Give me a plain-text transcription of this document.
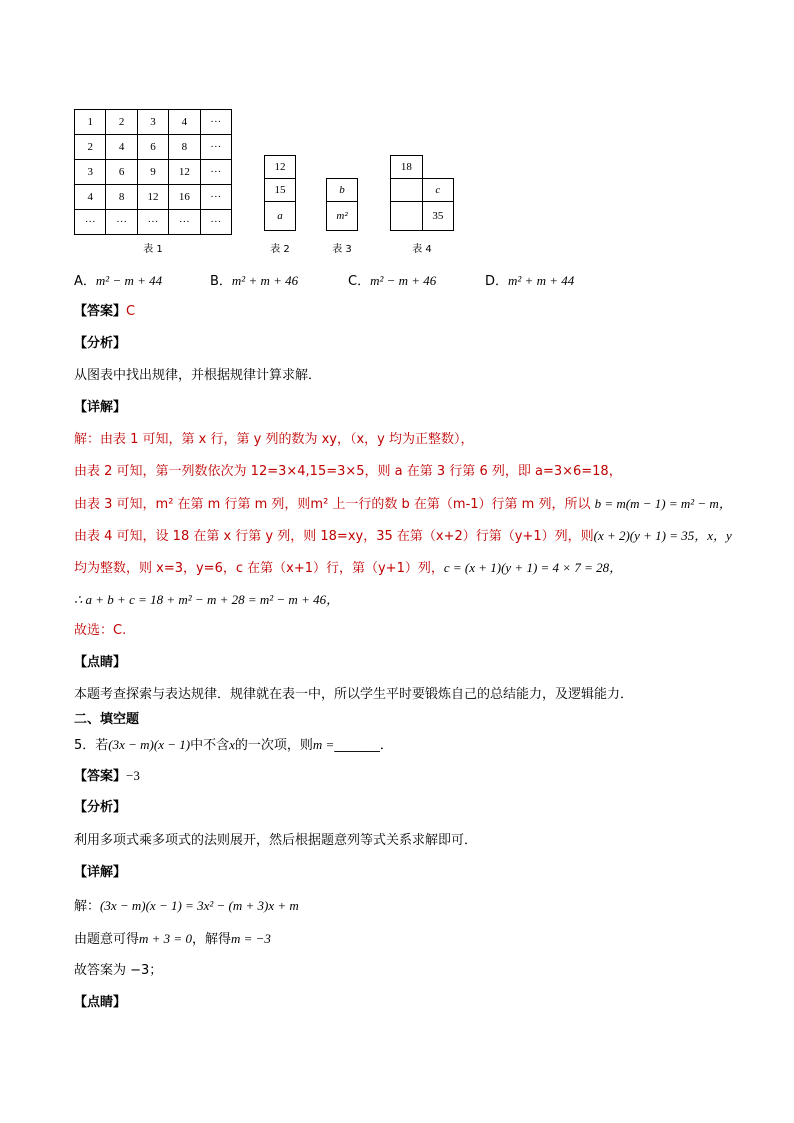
1	2	3	4	···
2	4	6	8	···
3	6	9	12	···
4	8	12	16	···
···	···	···	···	···
表 1
12
15
a
表 2
b
m²
表 3
18	
	c
	35
表 4
A．m² − m + 44	B．m² + m + 46	C．m² − m + 46	D．m² + m + 44
【答案】C
【分析】
从图表中找出规律，并根据规律计算求解．
【详解】
解：由表 1 可知，第 x 行，第 y 列的数为 xy，（x，y 均为正整数），
由表 2 可知，第一列数依次为 12=3×4,15=3×5，则 a 在第 3 行第 6 列，即 a=3×6=18，
由表 3 可知，m² 在第 m 行第 m 列，则m² 上一行的数 b 在第（m-1）行第 m 列，所以 b = m(m − 1) = m² − m，
由表 4 可知，设 18 在第 x 行第 y 列，则 18=xy，35 在第（x+2）行第（y+1）列，则(x + 2)(y + 1) = 35，x，y
均为整数，则 x=3，y=6，c 在第（x+1）行，第（y+1）列，c = (x + 1)(y + 1) = 4 × 7 = 28，
∴ a + b + c = 18 + m² − m + 28 = m² − m + 46，
故选：C.
【点睛】
本题考查探索与表达规律．规律就在表一中，所以学生平时要锻炼自己的总结能力，及逻辑能力．
二、填空题
5．若(3x − m)(x − 1)中不含x的一次项，则m =_______．
【答案】−3
【分析】
利用多项式乘多项式的法则展开，然后根据题意列等式关系求解即可．
【详解】
解：(3x − m)(x − 1) = 3x² − (m + 3)x + m
由题意可得m + 3 = 0，解得m = −3
故答案为 −3；
【点睛】
